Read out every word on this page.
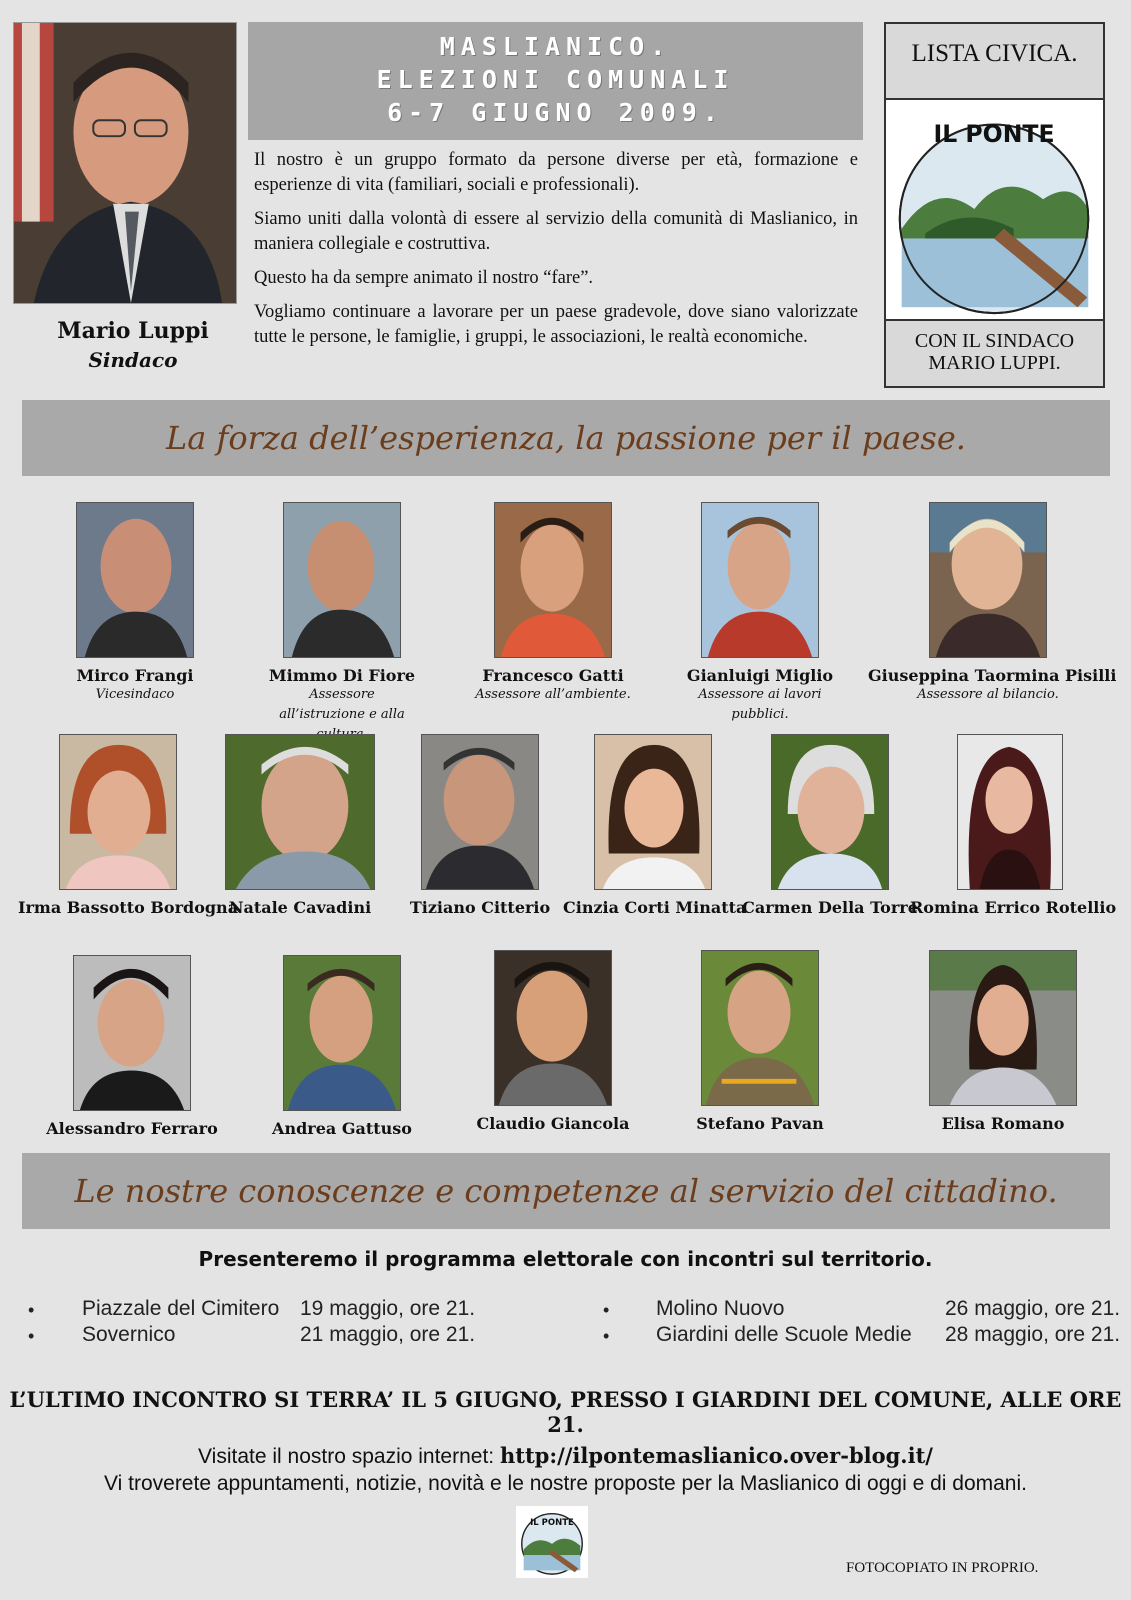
Mario Luppi
Sindaco
MASLIANICO.
ELEZIONI COMUNALI
6-7 GIUGNO 2009.

Il nostro è un gruppo formato da persone diverse per età, formazione e esperienze di vita (familiari, sociali e professionali).

Siamo uniti dalla volontà di essere al servizio della comunità di Maslianico, in maniera collegiale e costruttiva.

Questo ha da sempre animato il nostro “fare”.

Vogliamo continuare a lavorare per un paese gradevole, dove siano valorizzate tutte le persone, le famiglie, i gruppi, le associazioni, le realtà economiche.

LISTA CIVICA.
IL PONTE
CON IL SINDACO
MARIO LUPPI.
La forza dell’esperienza, la passione per il paese.
Mirco Frangi
Vicesindaco
Mimmo Di Fiore
Assessore
all’istruzione e alla
Francesco Gatti
Assessore all’ambiente.
Gianluigi Miglio
Assessore ai lavori pubblici.
Giuseppina Taormina Pisilli
Assessore al bilancio.
Irma Bassotto Bordogna
Natale Cavadini	Tiziano Citterio Cinzia Corti Minatta
Carmen Della Torre
Romina Errico Rotellio
Alessandro Ferraro	Andrea Gattuso	Claudio Giancola	Stefano Pavan	Elisa Romano
Le nostre conoscenze e competenze al servizio del cittadino.
Presenteremo il programma elettorale con incontri sul territorio.
• Piazzale del Cimitero 19 maggio, ore 21.
• Sovernico	21 maggio, ore 21.
• Molino Nuovo	26 maggio, ore 21.
• Giardini delle Scuole Medie 28 maggio, ore 21.
L’ULTIMO INCONTRO SI TERRA’ IL 5 GIUGNO, PRESSO I GIARDINI DEL COMUNE, ALLE ORE 21.
Visitate il nostro spazio internet: http://ilpontemaslianico.over-blog.it/
Vi troverete appuntamenti, notizie, novità e le nostre proposte per la Maslianico di oggi e di domani.
IL PONTE
FOTOCOPIATO IN PROPRIO.
